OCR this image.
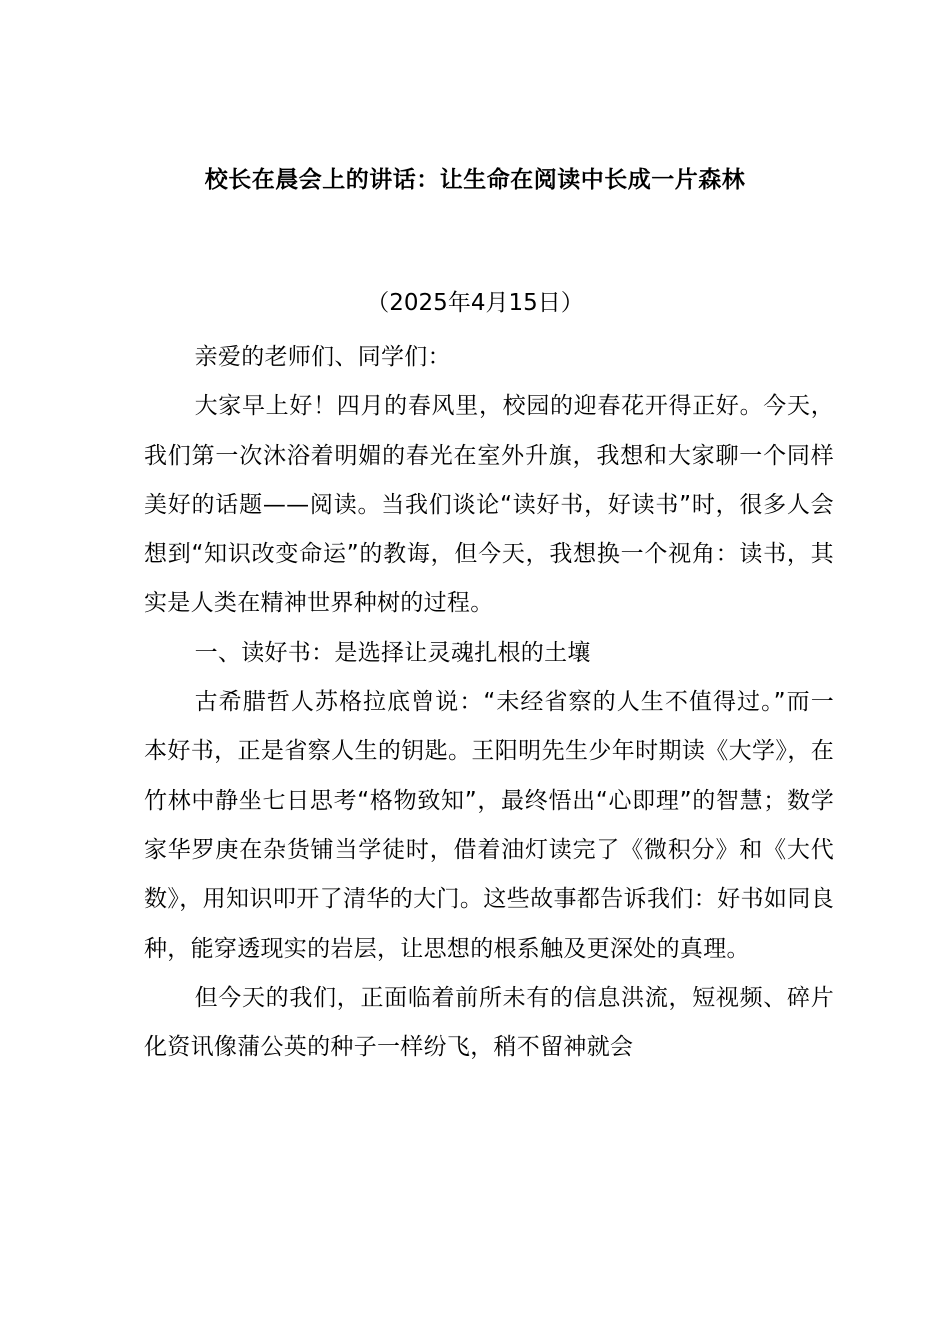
校长在晨会上的讲话：让生命在阅读中长成一片森林
（2025年4月15日）

亲爱的老师们、同学们：

大家早上好！四月的春风里，校园的迎春花开得正好。今天，我们第一次沐浴着明媚的春光在室外升旗，我想和大家聊一个同样美好的话题——阅读。当我们谈论“读好书，好读书”时，很多人会想到“知识改变命运”的教诲，但今天，我想换一个视角：读书，其实是人类在精神世界种树的过程。

一、读好书：是选择让灵魂扎根的土壤

古希腊哲人苏格拉底曾说：“未经省察的人生不值得过。”而一本好书，正是省察人生的钥匙。王阳明先生少年时期读《大学》，在竹林中静坐七日思考“格物致知”，最终悟出“心即理”的智慧；数学家华罗庚在杂货铺当学徒时，借着油灯读完了《微积分》和《大代数》，用知识叩开了清华的大门。这些故事都告诉我们：好书如同良种，能穿透现实的岩层，让思想的根系触及更深处的真理。

但今天的我们，正面临着前所未有的信息洪流，短视频、碎片化资讯像蒲公英的种子一样纷飞，稍不留神就会
